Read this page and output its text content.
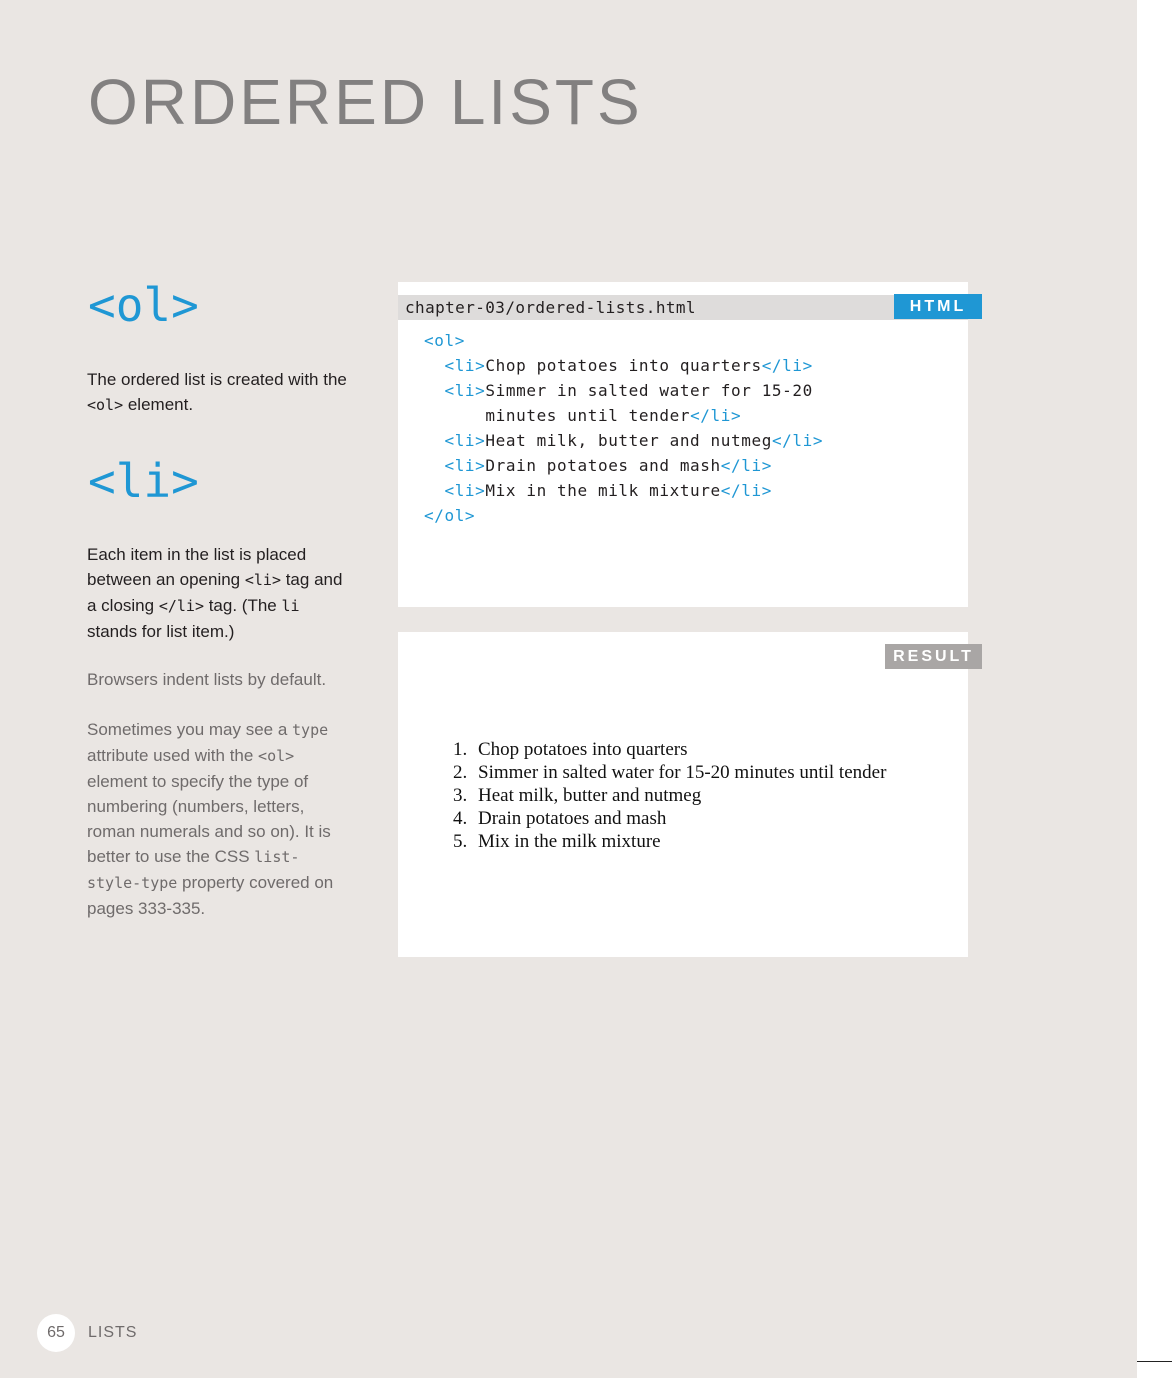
ORDERED LISTS
<ol>

The ordered list is created with the <ol> element.

<li>

Each item in the list is placed between an opening <li> tag and a closing </li> tag. (The li stands for list item.)

Browsers indent lists by default.

Sometimes you may see a type attribute used with the <ol> element to specify the type of numbering (numbers, letters, roman numerals and so on). It is better to use the CSS list-style-type property covered on pages 333-335.

chapter-03/ordered-lists.html
<ol>
<li>Chop potatoes into quarters</li>
<li>Simmer in salted water for 15-20
minutes until tender</li>
<li>Heat milk, butter and nutmeg</li>
<li>Drain potatoes and mash</li>
<li>Mix in the milk mixture</li>
</ol>
HTML
RESULT
1. Chop potatoes into quarters
2. Simmer in salted water for 15-20 minutes until tender
3. Heat milk, butter and nutmeg
4. Drain potatoes and mash
5. Mix in the milk mixture
65	LISTS
